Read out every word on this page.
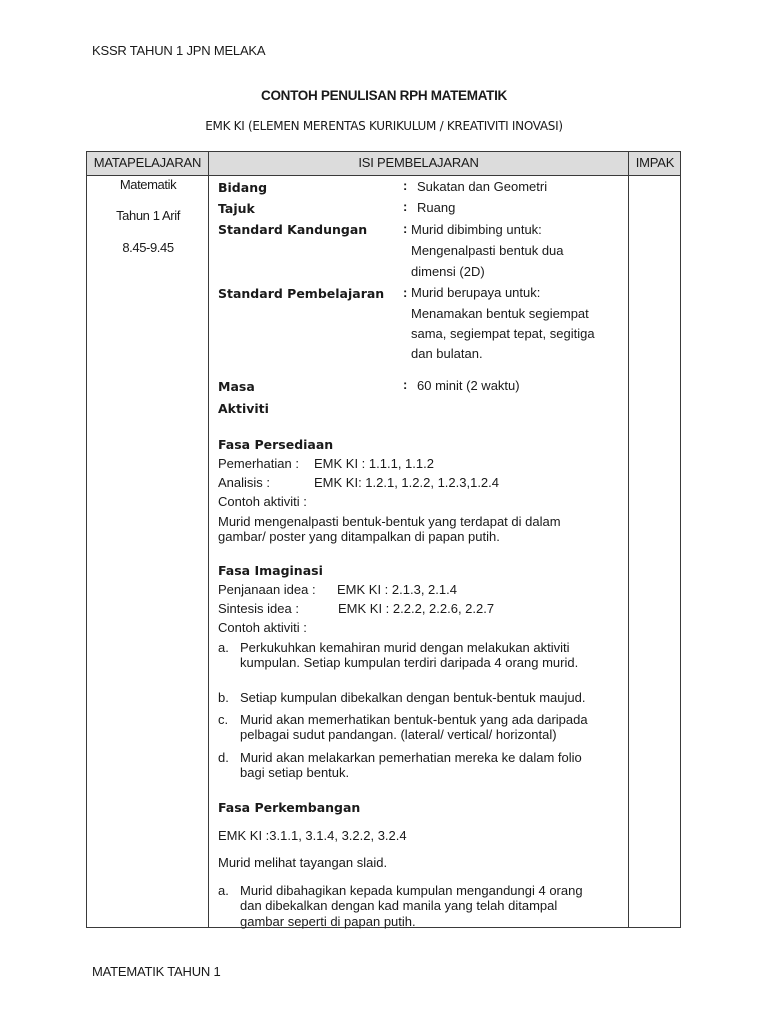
KSSR TAHUN 1 JPN MELAKA
CONTOH PENULISAN RPH MATEMATIK
EMK KI (ELEMEN MERENTAS KURIKULUM / KREATIVITI INOVASI)
MATAPELAJARAN	ISI PEMBELAJARAN	IMPAK
Matematik
Tahun 1 Arif
8.45-9.45
Bidang	: Sukatan dan Geometri
Tajuk	: Ruang
Standard Kandungan	: Murid dibimbing untuk:
Mengenalpasti bentuk dua
dimensi (2D)
Standard Pembelajaran : Murid berupaya untuk:
Menamakan bentuk segiempat
sama, segiempat tepat, segitiga
dan bulatan.
Masa	: 60 minit (2 waktu)
Aktiviti
Fasa Persediaan
Pemerhatian : EMK KI : 1.1.1, 1.1.2
Analisis :	EMK KI: 1.2.1, 1.2.2, 1.2.3,1.2.4
Contoh aktiviti :
Murid mengenalpasti bentuk-bentuk yang terdapat di dalam
gambar/ poster yang ditampalkan di papan putih.
Fasa Imaginasi
Penjanaan idea : EMK KI : 2.1.3, 2.1.4
Sintesis idea :	EMK KI : 2.2.2, 2.2.6, 2.2.7
Contoh aktiviti :
a. Perkukuhkan kemahiran murid dengan melakukan aktiviti
kumpulan. Setiap kumpulan terdiri daripada 4 orang murid.
b. Setiap kumpulan dibekalkan dengan bentuk-bentuk maujud.
c. Murid akan memerhatikan bentuk-bentuk yang ada daripada
pelbagai sudut pandangan. (lateral/ vertical/ horizontal)
d. Murid akan melakarkan pemerhatian mereka ke dalam folio
bagi setiap bentuk.
Fasa Perkembangan
EMK KI :3.1.1, 3.1.4, 3.2.2, 3.2.4
Murid melihat tayangan slaid.
a. Murid dibahagikan kepada kumpulan mengandungi 4 orang
dan dibekalkan dengan kad manila yang telah ditampal
gambar seperti di papan putih.
MATEMATIK TAHUN 1
